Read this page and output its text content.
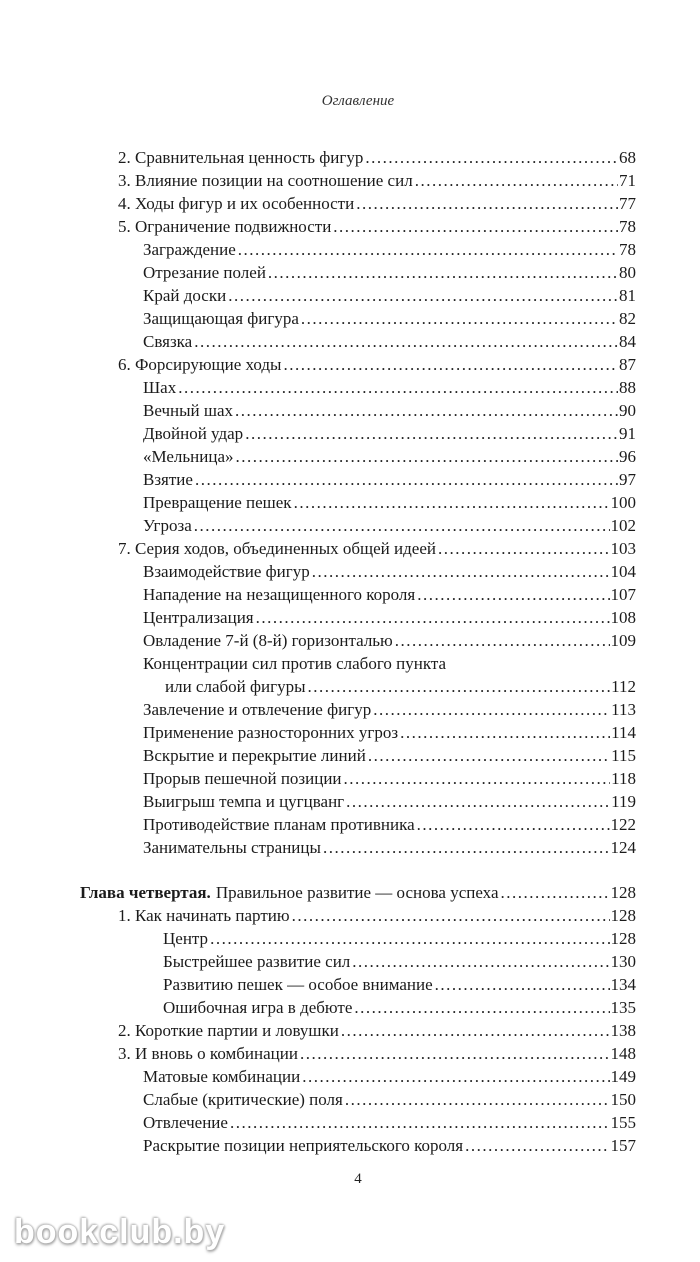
Оглавление
2. Сравнительная ценность фигур .....	68
3. Влияние позиции на соотношение сил .....	71
4. Ходы фигур и их особенности .....	77
5. Ограничение подвижности .....	78
Заграждение .....	78
Отрезание полей .....	80
Край доски .....	81
Защищающая фигура .....	82
Связка .....	84
6. Форсирующие ходы .....	87
Шах .....	88
Вечный шах .....	90
Двойной удар .....	91
«Мельница» .....	96
Взятие .....	97
Превращение пешек .....	100
Угроза .....	102
7. Серия ходов, объединенных общей идеей .....	103
Взаимодействие фигур .....	104
Нападение на незащищенного короля .....	107
Централизация .....	108
Овладение 7-й (8-й) горизонталью .....	109
Концентрации сил против слабого пункта
или слабой фигуры .....	112
Завлечение и отвлечение фигур .....	113
Применение разносторонних угроз .....	114
Вскрытие и перекрытие линий .....	115
Прорыв пешечной позиции .....	118
Выигрыш темпа и цугцванг .....	119
Противодействие планам противника .....	122
Занимательны страницы .....	124
Глава четвертая. Правильное развитие — основа успеха .....	128
1. Как начинать партию .....	128
Центр .....	128
Быстрейшее развитие сил .....	130
Развитию пешек — особое внимание .....	134
Ошибочная игра в дебюте .....	135
2. Короткие партии и ловушки .....	138
3. И вновь о комбинации .....	148
Матовые комбинации .....	149
Слабые (критические) поля .....	150
Отвлечение .....	155
Раскрытие позиции неприятельского короля .....	157
4
bookclub.by
